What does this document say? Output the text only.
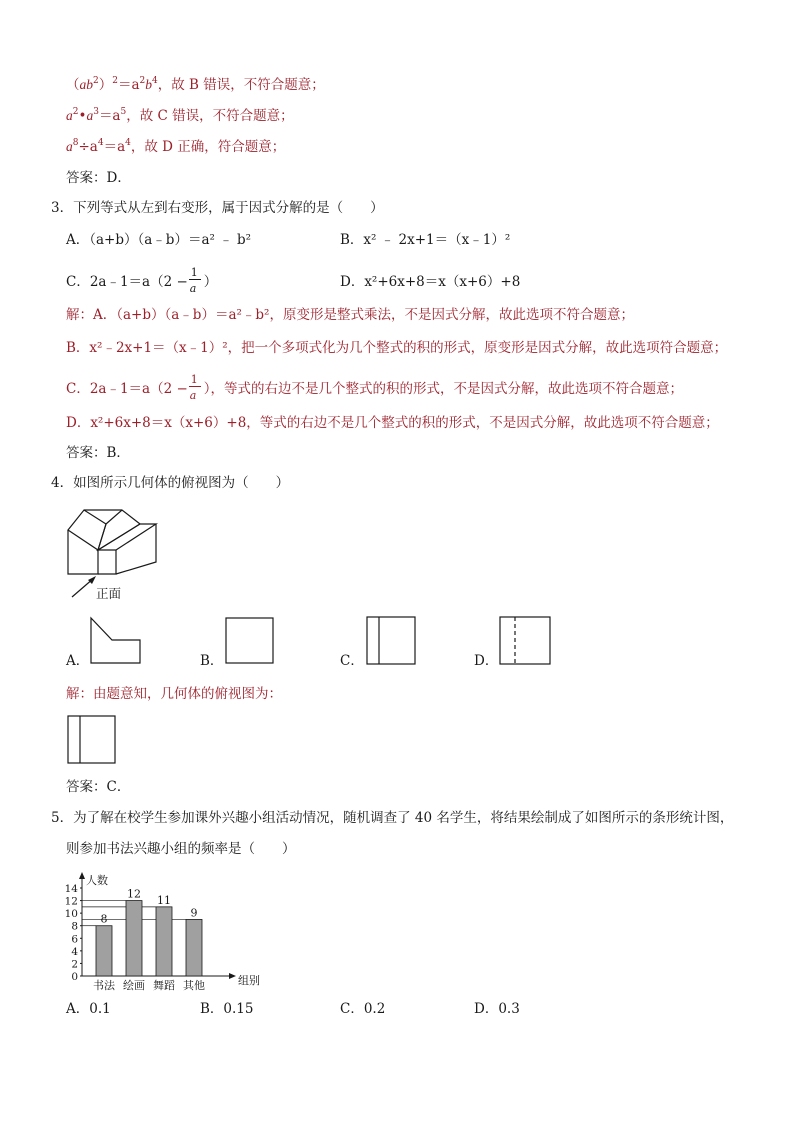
$(ab^2)^2=a^2b^4$，故 B 错误，不符合题意；
$a^2•a^3=a^5$，故 C 错误，不符合题意；
$a^8\div a^4=a^4$，故 D 正确，符合题意；
答案：D．
3．下列等式从左到右变形，属于因式分解的是（　　）
A．（a+b）（a﹣b）＝a² ﹣ b²	B．x² ﹣ 2x+1＝（x﹣1）²
C．2a﹣1＝a（2 − $\frac{1}{a}$ ）	D．x²+6x+8＝x（x+6）+8
解：A．（a+b）（a﹣b）＝a²﹣b²，原变形是整式乘法，不是因式分解，故此选项不符合题意；
B．x²﹣2x+1＝（x﹣1）²，把一个多项式化为几个整式的积的形式，原变形是因式分解，故此选项符合题意；
C．2a﹣1＝a（2 − $\frac{1}{a}$ ），等式的右边不是几个整式的积的形式，不是因式分解，故此选项不符合题意；
D．x²+6x+8＝x（x+6）+8，等式的右边不是几个整式的积的形式，不是因式分解，故此选项不符合题意；
答案：B．
4．如图所示几何体的俯视图为（　　）
正面
A．	B．	C．	D．
解：由题意知，几何体的俯视图为：
答案：C．
5．为了解在校学生参加课外兴趣小组活动情况，随机调查了 40 名学生，将结果绘制成了如图所示的条形统计图，
则参加书法兴趣小组的频率是（　　）
人数
组别
0
2
4
6
8
10
12
14
8
书法
12
绘画
11
舞蹈
9
其他
A．0.1	B．0.15	C．0.2	D．0.3
